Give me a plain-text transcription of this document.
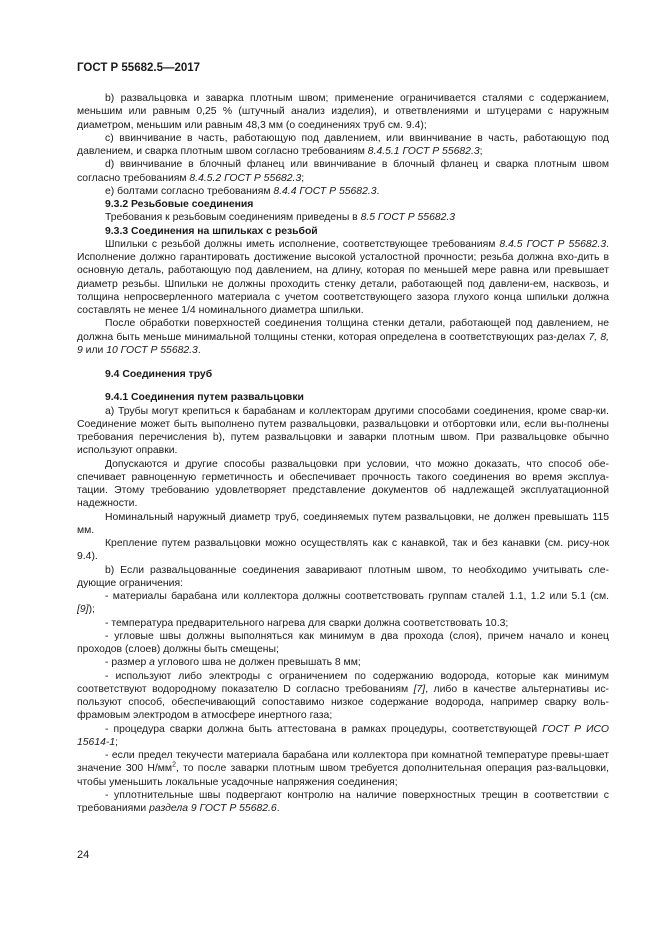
ГОСТ Р 55682.5—2017

b) развальцовка и заварка плотным швом; применение ограничивается сталями с содержанием, меньшим или равным 0,25 % (штучный анализ изделия), и ответвлениями и штуцерами с наружным диаметром, меньшим или равным 48,3 мм (о соединениях труб см. 9.4);

c) ввинчивание в часть, работающую под давлением, или ввинчивание в часть, работающую под давлением, и сварка плотным швом согласно требованиям 8.4.5.1 ГОСТ Р 55682.3;

d) ввинчивание в блочный фланец или ввинчивание в блочный фланец и сварка плотным швом согласно требованиям 8.4.5.2 ГОСТ Р 55682.3;

e) болтами согласно требованиям 8.4.4 ГОСТ Р 55682.3.

9.3.2 Резьбовые соединения

Требования к резьбовым соединениям приведены в 8.5 ГОСТ Р 55682.3

9.3.3 Соединения на шпильках с резьбой

Шпильки с резьбой должны иметь исполнение, соответствующее требованиям 8.4.5 ГОСТ Р 55682.3. Исполнение должно гарантировать достижение высокой усталостной прочности; резьба должна вхо-дить в основную деталь, работающую под давлением, на длину, которая по меньшей мере равна или превышает диаметр резьбы. Шпильки не должны проходить стенку детали, работающей под давлени-ем, насквозь, и толщина непросверленного материала с учетом соответствующего зазора глухого конца шпильки должна составлять не менее 1/4 номинального диаметра шпильки.

После обработки поверхностей соединения толщина стенки детали, работающей под давлением, не должна быть меньше минимальной толщины стенки, которая определена в соответствующих раз-делах 7, 8, 9 или 10 ГОСТ Р 55682.3.

9.4 Соединения труб

9.4.1 Соединения путем развальцовки

а) Трубы могут крепиться к барабанам и коллекторам другими способами соединения, кроме свар-ки. Соединение может быть выполнено путем развальцовки, развальцовки и отбортовки или, если вы-полнены требования перечисления b), путем развальцовки и заварки плотным швом. При развальцовке обычно используют оправки.

Допускаются и другие способы развальцовки при условии, что можно доказать, что способ обе-спечивает равноценную герметичность и обеспечивает прочность такого соединения во время эксплуа-тации. Этому требованию удовлетворяет представление документов об надлежащей эксплуатационной надежности.

Номинальный наружный диаметр труб, соединяемых путем развальцовки, не должен превышать 115 мм.

Крепление путем развальцовки можно осуществлять как с канавкой, так и без канавки (см. рису-нок 9.4).

b) Если развальцованные соединения заваривают плотным швом, то необходимо учитывать сле-дующие ограничения:

- материалы барабана или коллектора должны соответствовать группам сталей 1.1, 1.2 или 5.1 (см. [9]);

- температура предварительного нагрева для сварки должна соответствовать 10.3;

- угловые швы должны выполняться как минимум в два прохода (слоя), причем начало и конец проходов (слоев) должны быть смещены;

- размер a углового шва не должен превышать 8 мм;

- используют либо электроды с ограничением по содержанию водорода, которые как минимум соответствуют водородному показателю D согласно требованиям [7], либо в качестве альтернативы ис-пользуют способ, обеспечивающий сопоставимо низкое содержание водорода, например сварку воль-фрамовым электродом в атмосфере инертного газа;

- процедура сварки должна быть аттестована в рамках процедуры, соответствующей ГОСТ Р ИСО 15614-1;

- если предел текучести материала барабана или коллектора при комнатной температуре превы-шает значение 300 $Н/мм^2$, то после заварки плотным швом требуется дополнительная операция раз-вальцовки, чтобы уменьшить локальные усадочные напряжения соединения;

- уплотнительные швы подвергают контролю на наличие поверхностных трещин в соответствии с требованиями раздела 9 ГОСТ Р 55682.6.

24
